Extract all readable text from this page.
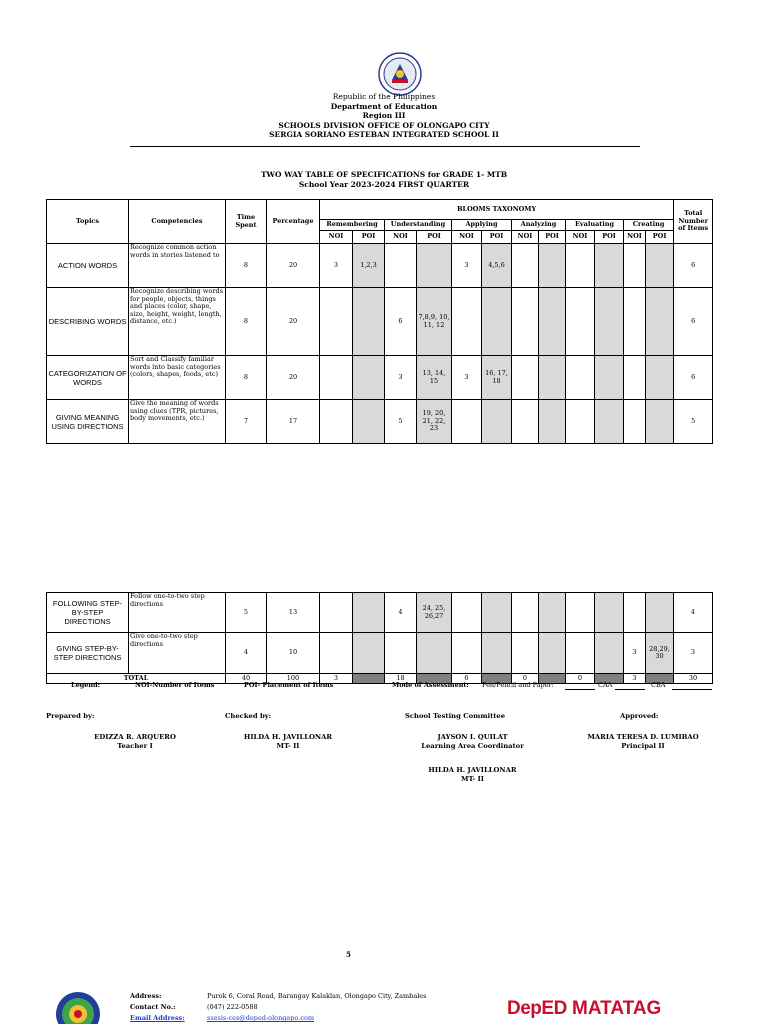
Republic of the Philippines
Department of Education
Region III
SCHOOLS DIVISION OFFICE OF OLONGAPO CITY
SERGIA SORIANO ESTEBAN INTEGRATED SCHOOL II
TWO WAY TABLE OF SPECIFICATIONS for GRADE 1- MTB
School Year 2023-2024 FIRST QUARTER
Topics	Competencies	Time Spent	Percentage	BLOOMS TAXONOMY												Total Number of Items
				Remembering		Understanding		Applying		Analyzing		Evaluating		Creating		
				NOI	POI	NOI	POI	NOI	POI	NOI	POI	NOI	POI	NOI	POI	
ACTION WORDS	Recognize common action words in stories listened to	8	20	3	1,2,3			3	4,5,6							6
DESCRIBING WORDS	Recognize describing words for people, objects, things and places (color, shape, size, height, weight, length, distance, etc.)	8	20			6	7,8,9, 10, 11, 12									6
CATEGORIZATION OF WORDS	Sort and Classify familiar words into basic categories (colors, shapes, foods, etc)	8	20			3	13, 14, 15	3	16, 17, 18							6
GIVING MEANING USING DIRECTIONS	Give the meaning of words using clues (TPR, pictures, body movements, etc.)	7	17			5	19, 20, 21, 22, 23									5
FOLLOWING STEP-BY-STEP DIRECTIONS	Follow one-to-two step directions	5	13			4	24, 25, 26,27									4
GIVING STEP-BY-STEP DIRECTIONS	Give one-to-two step directions	4	10											3	28,29, 30	3
TOTAL		40	100	3		18		6		0		0		3		30
Legend:	NOI-Number of Items	POI- Placement of Items	Mode of Assessment: Pen/Pencil and Paper:	CAA	CBA
Prepared by:	Checked by:	School Testing Committee	Approved:
EDIZZA R. ARQUERO
Teacher I
HILDA H. JAVILLONAR
MT- II
JAYSON I. QUILAT
Learning Area Coordinator
MARIA TERESA D. LUMIBAO
Principal II
HILDA H. JAVILLONAR
MT- II
5
Address:	Purok 6, Coral Road, Barangay Kalaklan, Olongapo City, Zambales
Contact No.:	(047) 222-0588
Email Address:	ssesis-ces@deped-olongapo.com	DepED MATATAG
